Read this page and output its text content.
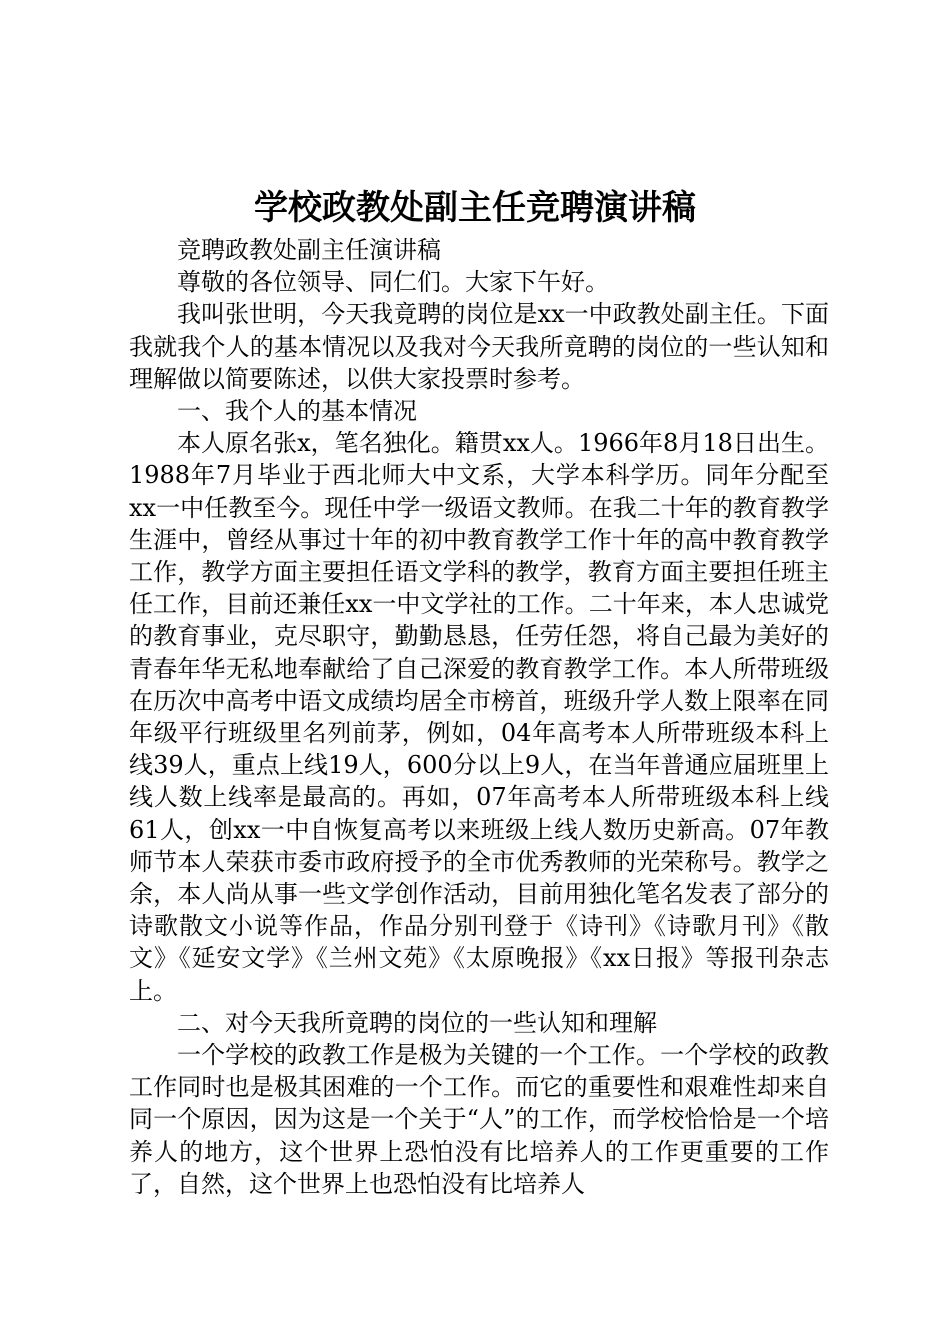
学校政教处副主任竞聘演讲稿

竞聘政教处副主任演讲稿

尊敬的各位领导、同仁们。大家下午好。

我叫张世明，今天我竟聘的岗位是xx一中政教处副主任。下面我就我个人的基本情况以及我对今天我所竟聘的岗位的一些认知和理解做以简要陈述，以供大家投票时参考。

一、我个人的基本情况

本人原名张x，笔名独化。籍贯xx人。1966年8月18日出生。1988年7月毕业于西北师大中文系，大学本科学历。同年分配至xx一中任教至今。现任中学一级语文教师。在我二十年的教育教学生涯中，曾经从事过十年的初中教育教学工作十年的高中教育教学工作，教学方面主要担任语文学科的教学，教育方面主要担任班主任工作，目前还兼任xx一中文学社的工作。二十年来，本人忠诚党的教育事业，克尽职守，勤勤恳恳，任劳任怨，将自己最为美好的青春年华无私地奉献给了自己深爱的教育教学工作。本人所带班级在历次中高考中语文成绩均居全市榜首，班级升学人数上限率在同年级平行班级里名列前茅，例如，04年高考本人所带班级本科上线39人，重点上线19人，600分以上9人，在当年普通应届班里上线人数上线率是最高的。再如，07年高考本人所带班级本科上线61人，创xx一中自恢复高考以来班级上线人数历史新高。07年教师节本人荣获市委市政府授予的全市优秀教师的光荣称号。教学之余，本人尚从事一些文学创作活动，目前用独化笔名发表了部分的诗歌散文小说等作品，作品分别刊登于《诗刊》《诗歌月刊》《散文》《延安文学》《兰州文苑》《太原晚报》《xx日报》等报刊杂志上。

二、对今天我所竟聘的岗位的一些认知和理解

一个学校的政教工作是极为关键的一个工作。一个学校的政教工作同时也是极其困难的一个工作。而它的重要性和艰难性却来自同一个原因，因为这是一个关于“人”的工作，而学校恰恰是一个培养人的地方，这个世界上恐怕没有比培养人的工作更重要的工作了，自然，这个世界上也恐怕没有比培养人
